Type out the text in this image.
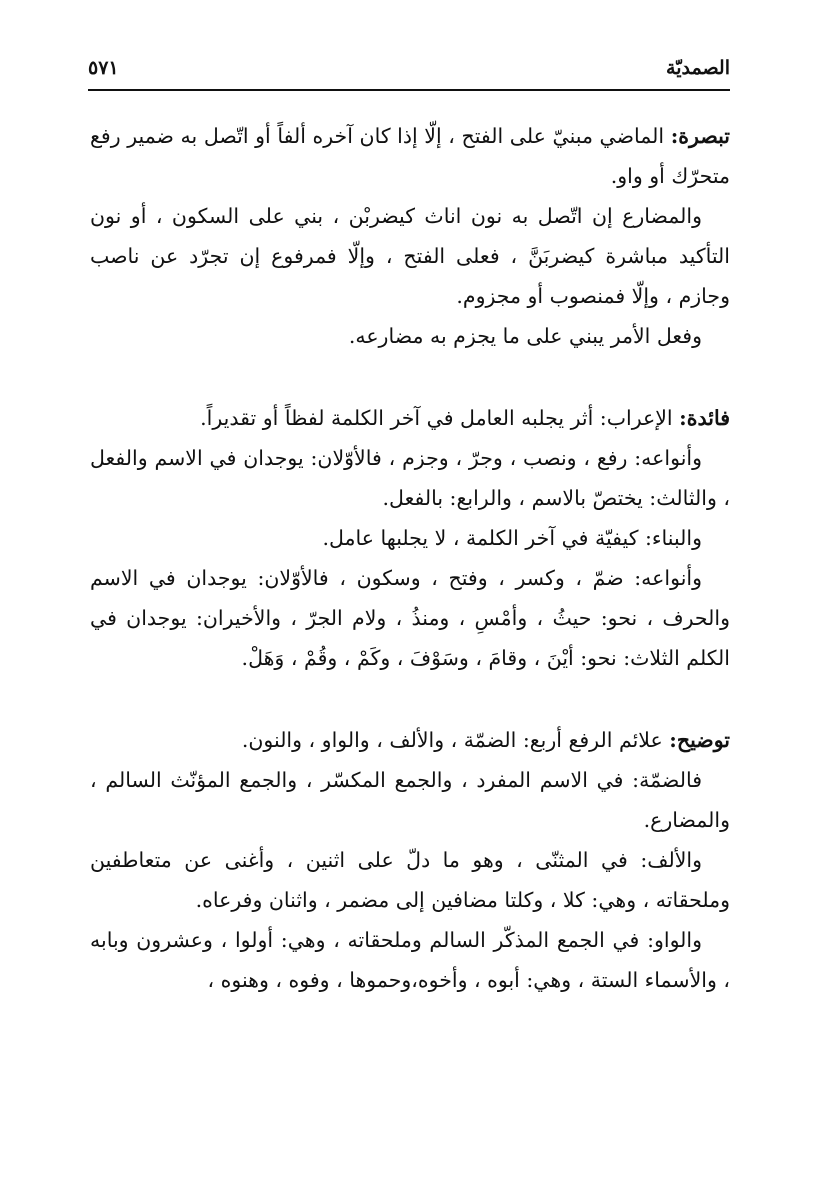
الصمديّة
٥٧١

تبصرة: الماضي مبنيّ على الفتح ، إلّا إذا كان آخره ألفاً أو اتّصل به ضمير رفع متحرّك أو واو.

والمضارع إن اتّصل به نون اناث كيضربْن ، بني على السكون ، أو نون التأكيد مباشرة كيضربَنَّ ، فعلى الفتح ، وإلّا فمرفوع إن تجرّد عن ناصب وجازم ، وإلّا فمنصوب أو مجزوم.

وفعل الأمر يبني على ما يجزم به مضارعه.

فائدة: الإعراب: أثر يجلبه العامل في آخر الكلمة لفظاً أو تقديراً.

وأنواعه: رفع ، ونصب ، وجرّ ، وجزم ، فالأوّلان: يوجدان في الاسم والفعل ، والثالث: يختصّ بالاسم ، والرابع: بالفعل.

والبناء: كيفيّة في آخر الكلمة ، لا يجلبها عامل.

وأنواعه: ضمّ ، وكسر ، وفتح ، وسكون ، فالأوّلان: يوجدان في الاسم والحرف ، نحو: حيثُ ، وأمْسِ ، ومنذُ ، ولام الجرّ ، والأخيران: يوجدان في الكلم الثلاث: نحو: أيْنَ ، وقامَ ، وسَوْفَ ، وكَمْ ، وقُمْ ، وَهَلْ.

توضيح: علائم الرفع أربع: الضمّة ، والألف ، والواو ، والنون.

فالضمّة: في الاسم المفرد ، والجمع المكسّر ، والجمع المؤنّث السالم ، والمضارع.

والألف: في المثنّى ، وهو ما دلّ على اثنين ، وأغنى عن متعاطفين وملحقاته ، وهي: كلا ، وكلتا مضافين إلى مضمر ، واثنان وفرعاه.

والواو: في الجمع المذكّر السالم وملحقاته ، وهي: أولوا ، وعشرون وبابه ، والأسماء الستة ، وهي: أبوه ، وأخوه،وحموها ، وفوه ، وهنوه ،
